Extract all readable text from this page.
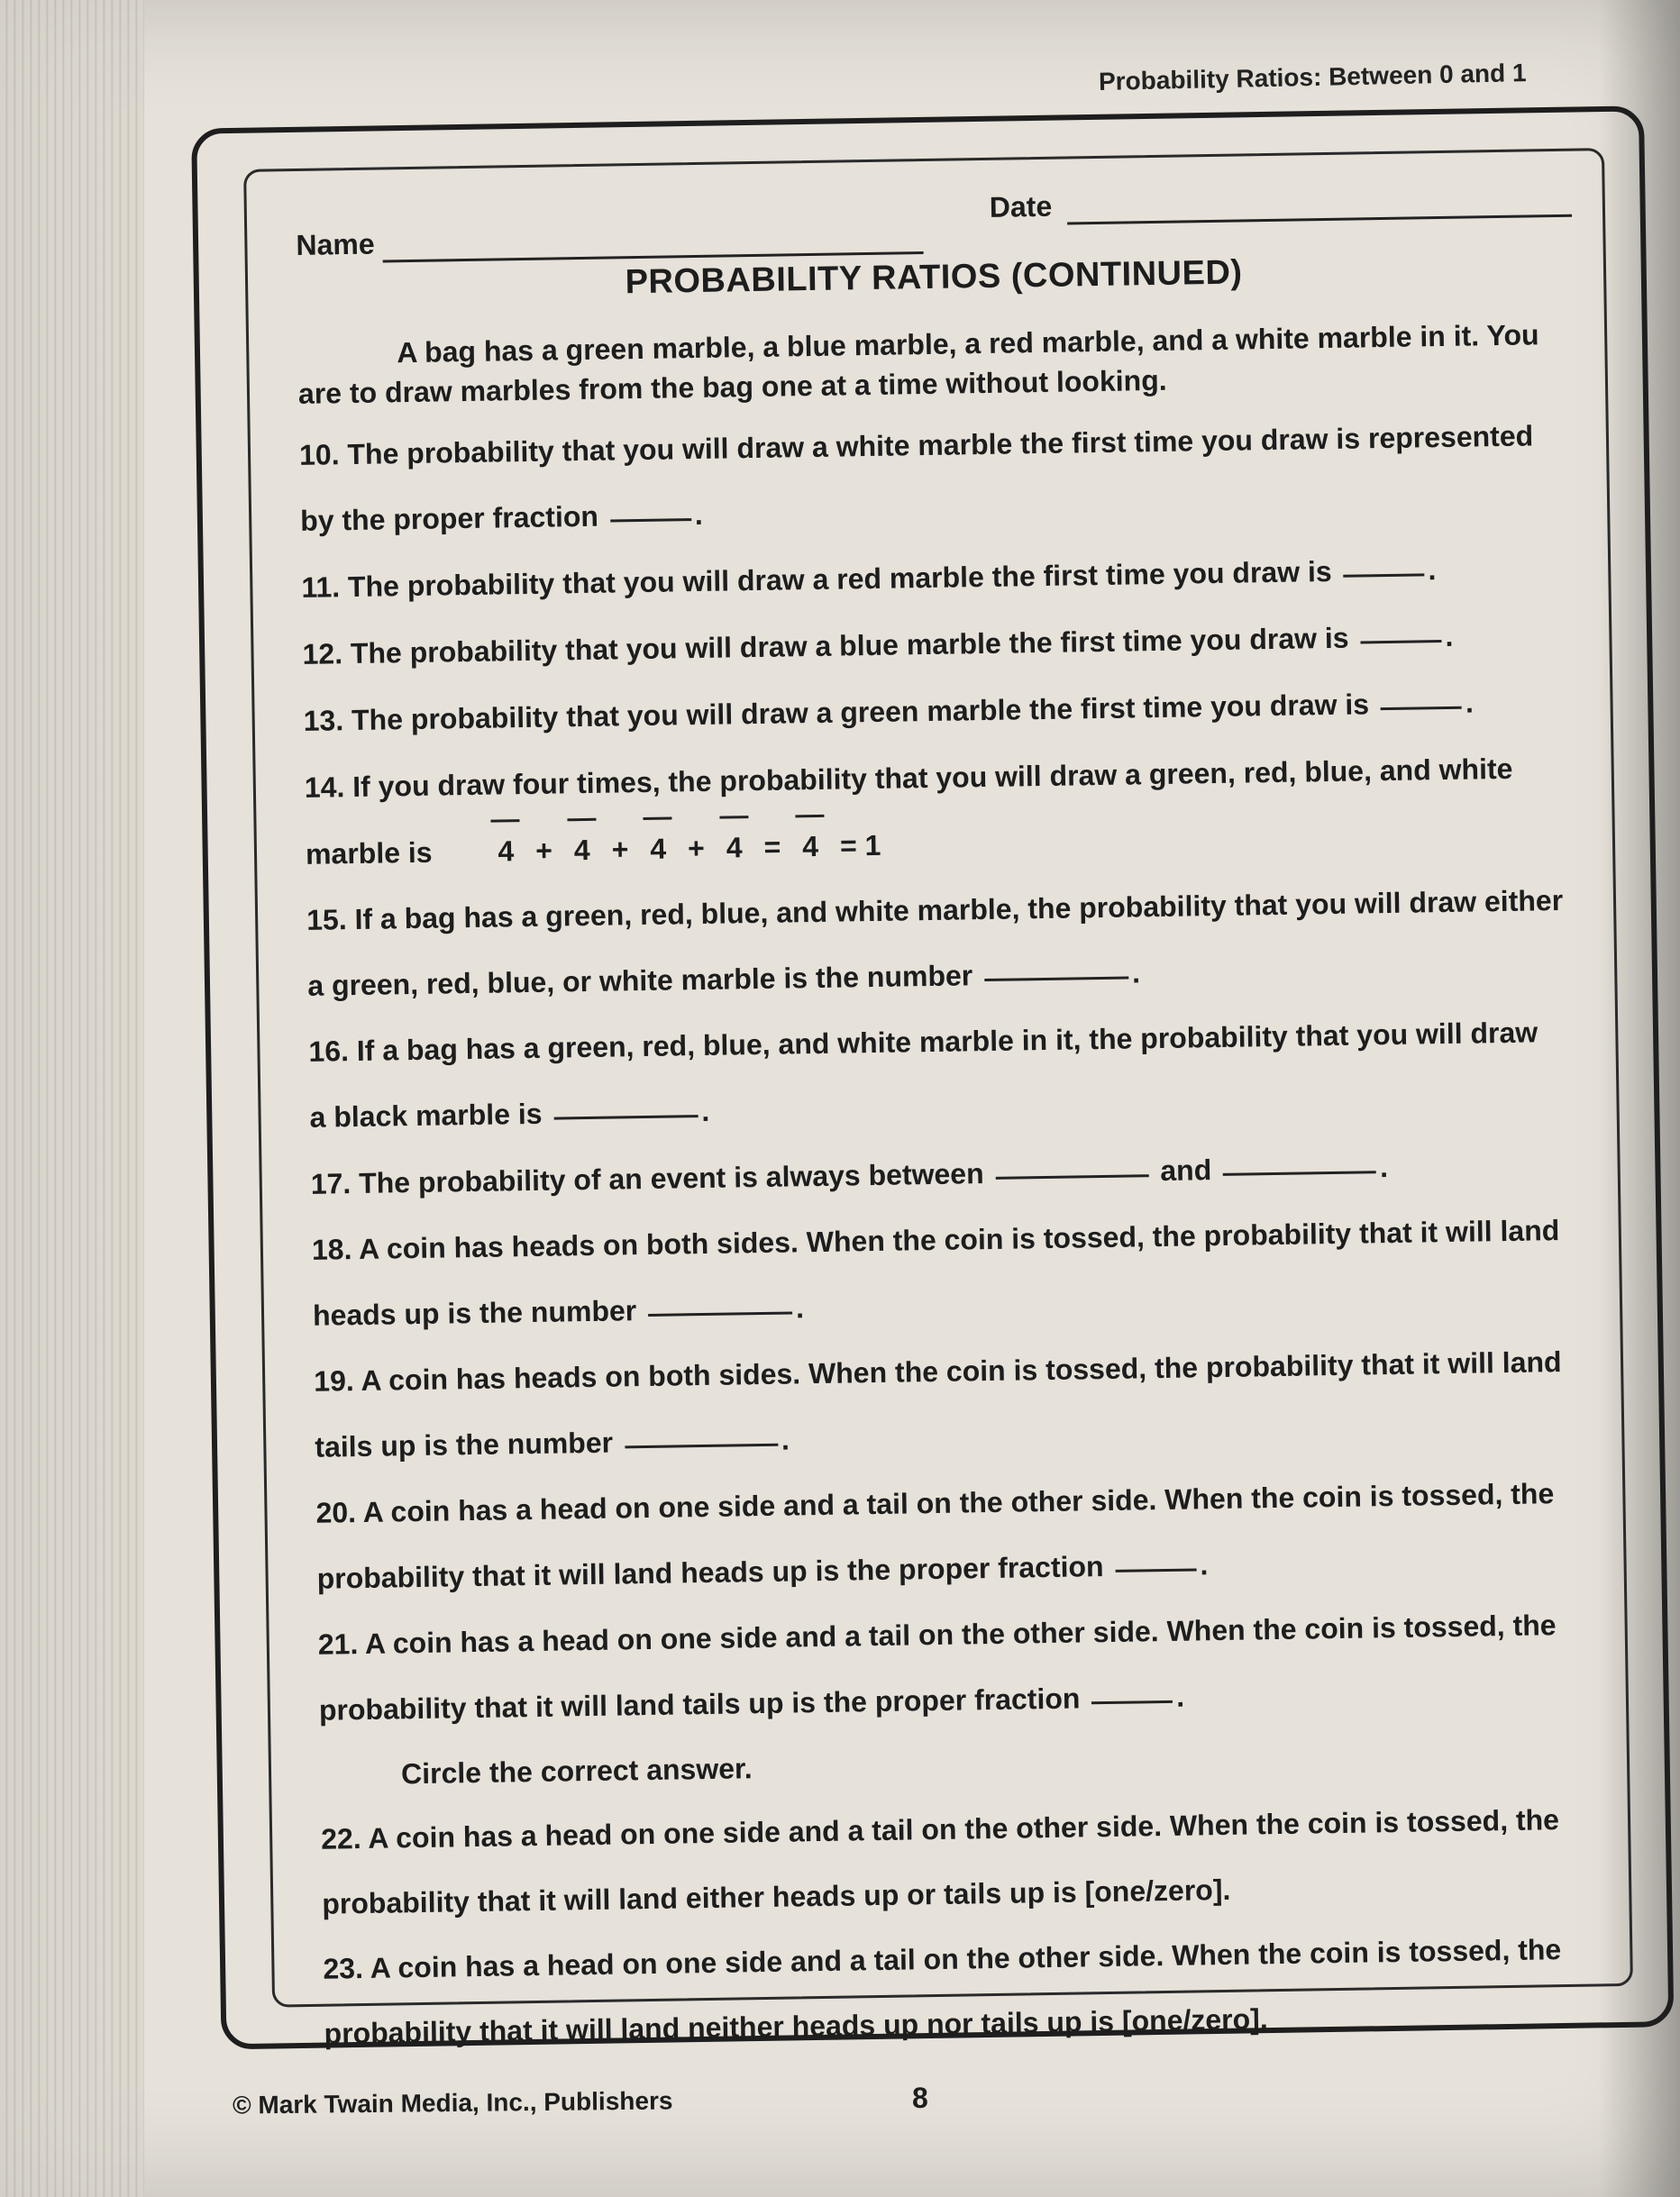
Probability Ratios: Between 0 and 1
Name
Date
PROBABILITY RATIOS (CONTINUED)
A bag has a green marble, a blue marble, a red marble, and a white marble in it. You
are to draw marbles from the bag one at a time without looking.
10. The probability that you will draw a white marble the first time you draw is represented
by the proper fraction	.
11. The probability that you will draw a red marble the first time you draw is	.
12. The probability that you will draw a blue marble the first time you draw is	.
13. The probability that you will draw a green marble the first time you draw is	.
14. If you draw four times, the probability that you will draw a green, red, blue, and white
marble is 4 + 4 + 4 + 4 = 4 = 1
15. If a bag has a green, red, blue, and white marble, the probability that you will draw either
a green, red, blue, or white marble is the number	.
16. If a bag has a green, red, blue, and white marble in it, the probability that you will draw
a black marble is	.
17. The probability of an event is always between	and	.
18. A coin has heads on both sides. When the coin is tossed, the probability that it will land
heads up is the number	.
19. A coin has heads on both sides. When the coin is tossed, the probability that it will land
tails up is the number	.
20. A coin has a head on one side and a tail on the other side. When the coin is tossed, the
probability that it will land heads up is the proper fraction	.
21. A coin has a head on one side and a tail on the other side. When the coin is tossed, the
probability that it will land tails up is the proper fraction	.
Circle the correct answer.
22. A coin has a head on one side and a tail on the other side. When the coin is tossed, the
probability that it will land either heads up or tails up is [one/zero].
23. A coin has a head on one side and a tail on the other side. When the coin is tossed, the
probability that it will land neither heads up nor tails up is [one/zero].
© Mark Twain Media, Inc., Publishers	8
